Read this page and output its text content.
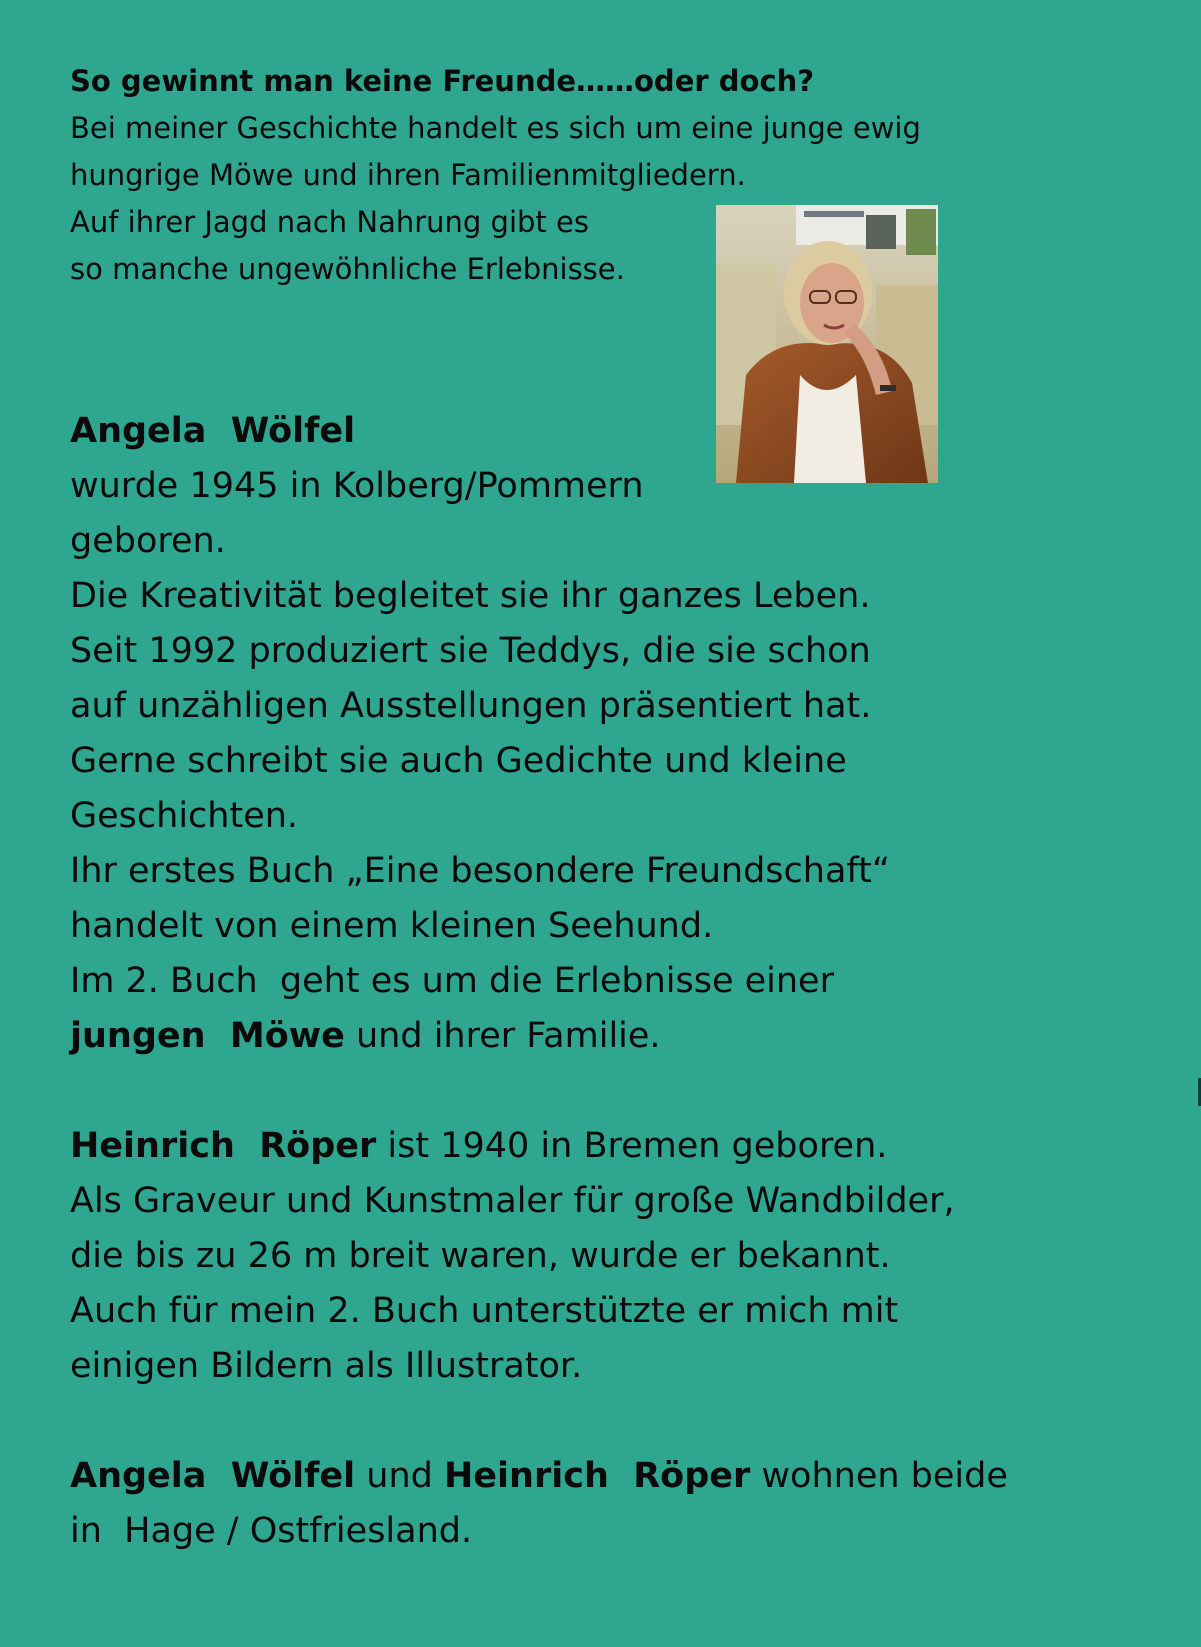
So gewinnt man keine Freunde……oder doch?
Bei meiner Geschichte handelt es sich um eine junge ewig
hungrige Möwe und ihren Familienmitgliedern.
Auf ihrer Jagd nach Nahrung gibt es
so manche ungewöhnliche Erlebnisse.
Angela  Wölfel
wurde 1945 in Kolberg/Pommern
geboren.
Die Kreativität begleitet sie ihr ganzes Leben.
Seit 1992 produziert sie Teddys, die sie schon
auf unzähligen Ausstellungen präsentiert hat.
Gerne schreibt sie auch Gedichte und kleine
Geschichten.
Ihr erstes Buch „Eine besondere Freundschaft“
handelt von einem kleinen Seehund.
Im 2. Buch  geht es um die Erlebnisse einer
jungen  Möwe und ihrer Familie.
Heinrich  Röper ist 1940 in Bremen geboren.
Als Graveur und Kunstmaler für große Wandbilder,
die bis zu 26 m breit waren, wurde er bekannt.
Auch für mein 2. Buch unterstützte er mich mit
einigen Bildern als Illustrator.
Angela  Wölfel und Heinrich  Röper wohnen beide
in  Hage / Ostfriesland.
